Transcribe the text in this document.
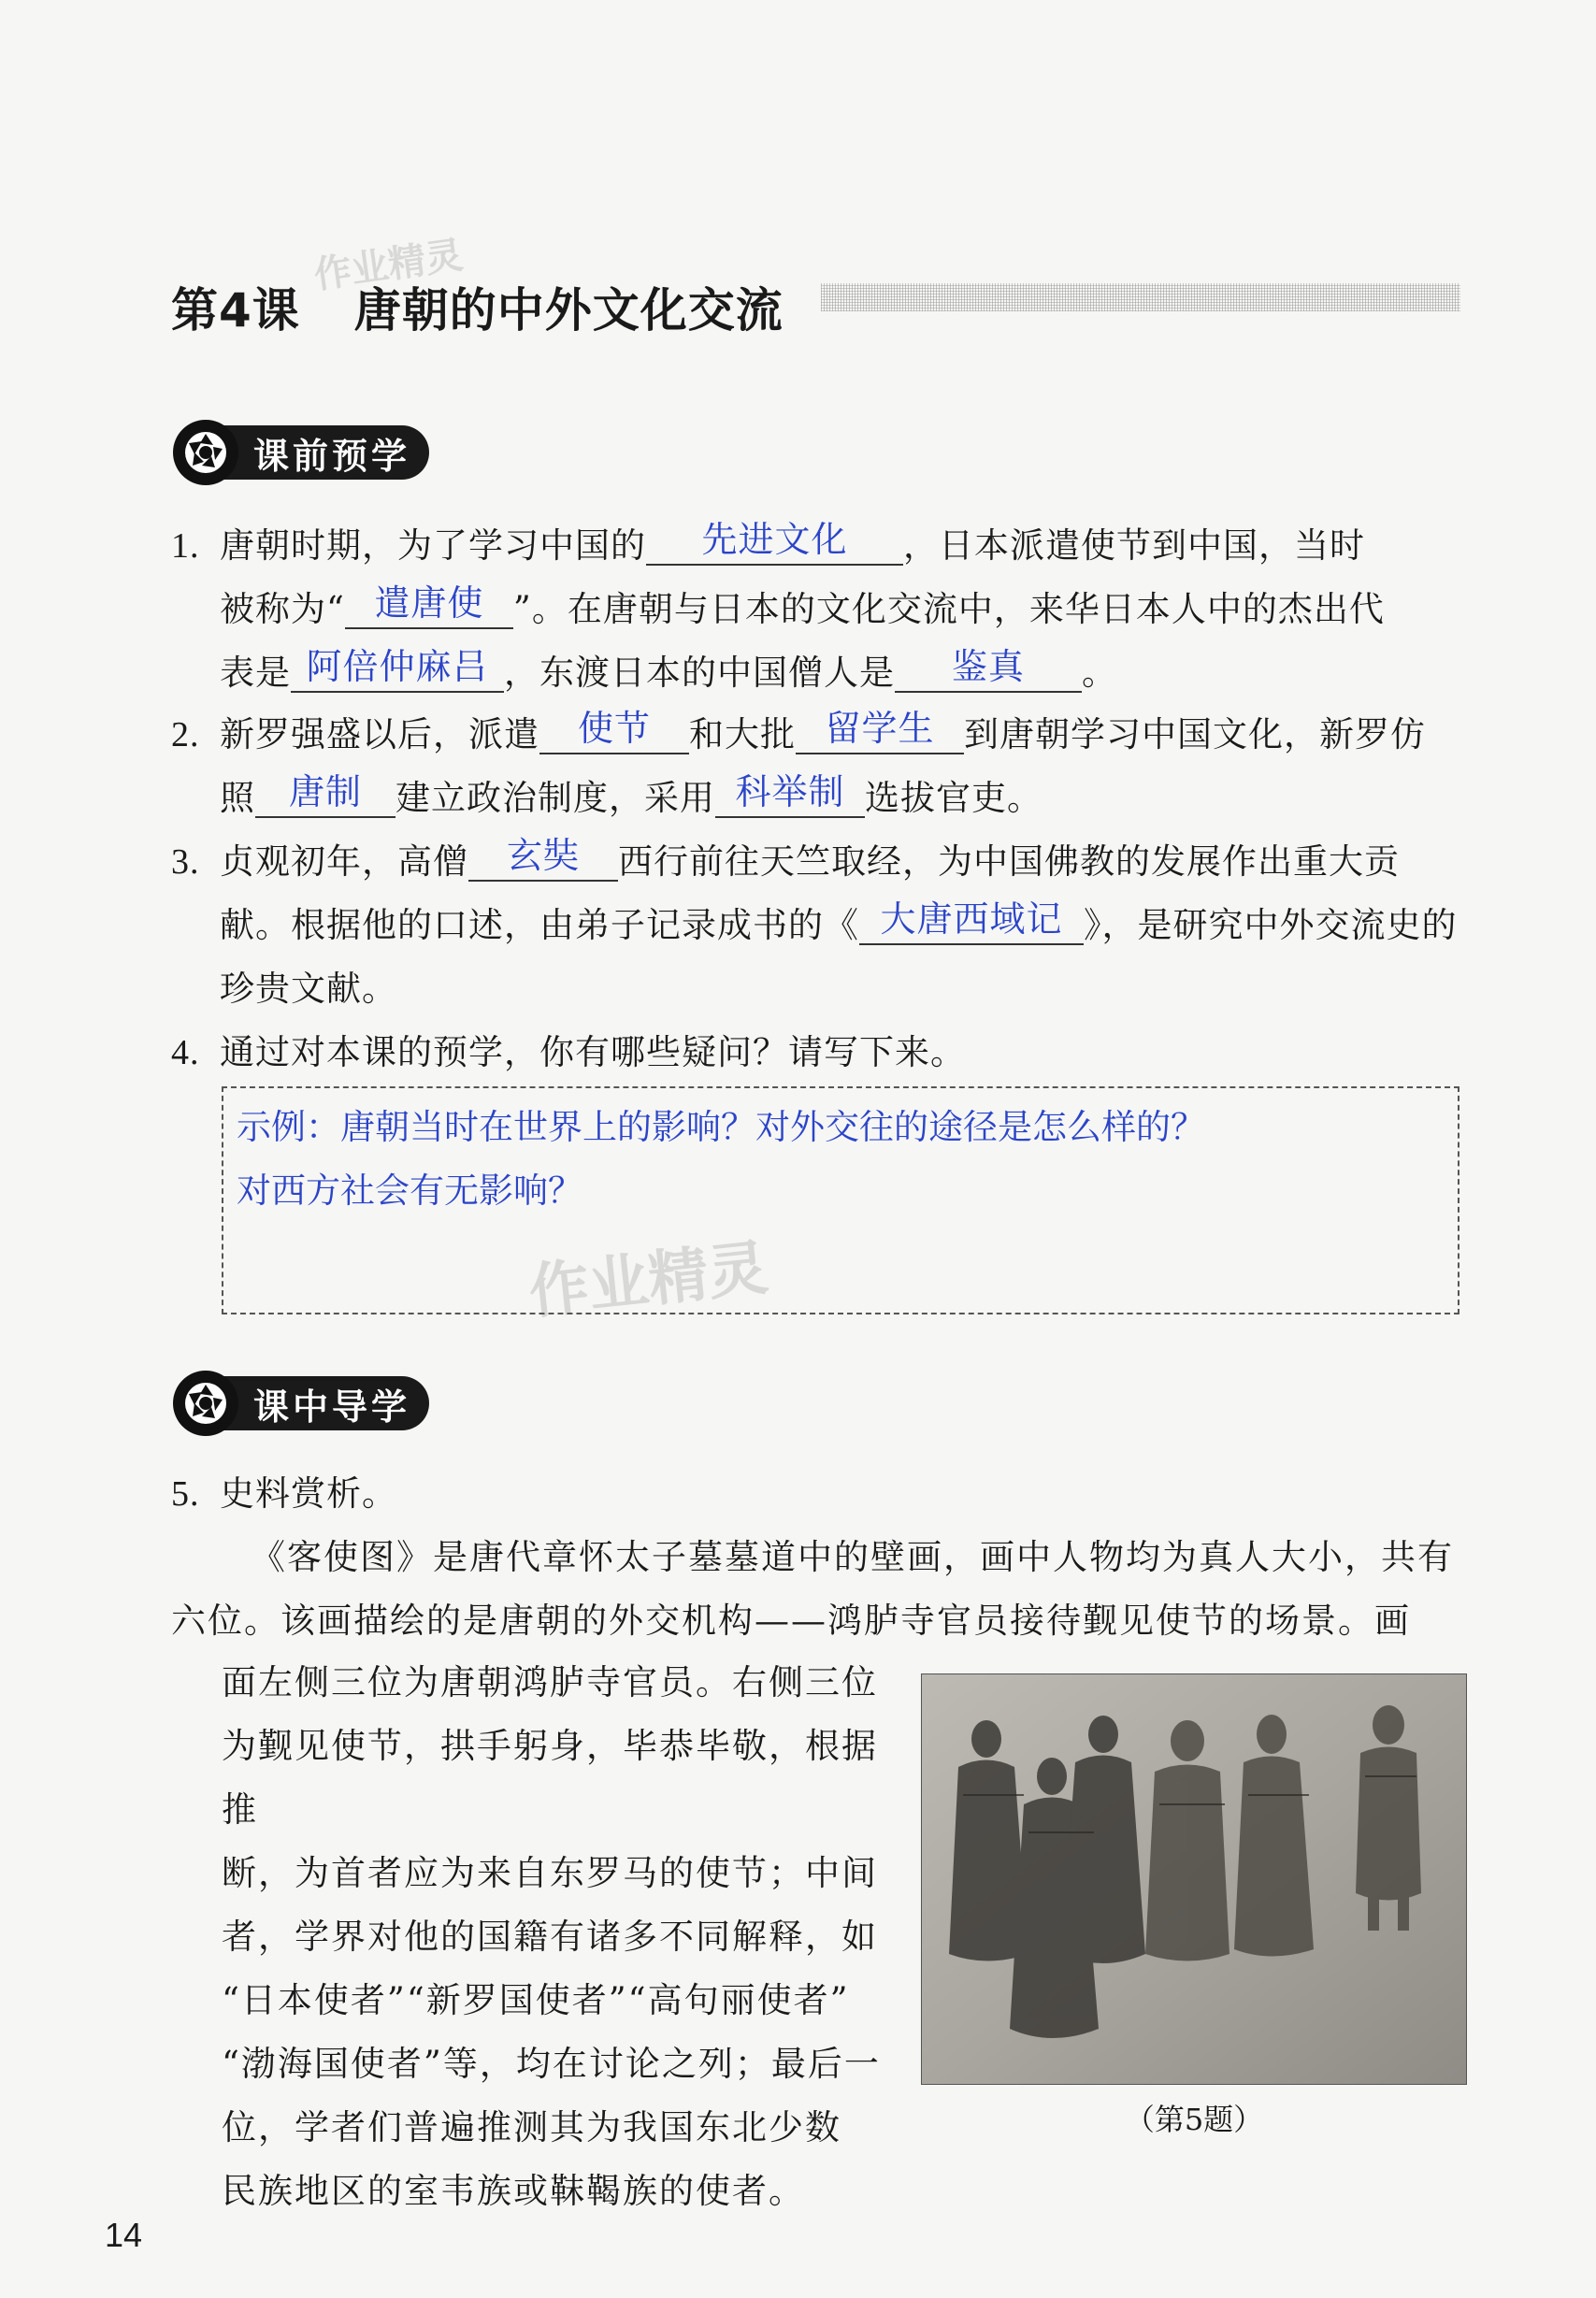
作业精灵
作业精灵
第4课 唐朝的中外文化交流
课前预学
1. 唐朝时期，为了学习中国的 先进文化 ，日本派遣使节到中国，当时
被称为“ 遣唐使 ”。在唐朝与日本的文化交流中，来华日本人中的杰出代
表是 阿倍仲麻吕 ，东渡日本的中国僧人是 鉴真 。
2. 新罗强盛以后，派遣 使节 和大批 留学生 到唐朝学习中国文化，新罗仿
照 唐制 建立政治制度，采用 科举制 选拔官吏。
3. 贞观初年，高僧 玄奘 西行前往天竺取经，为中国佛教的发展作出重大贡
献。根据他的口述，由弟子记录成书的《 大唐西域记 》，是研究中外交流史的
珍贵文献。
4. 通过对本课的预学，你有哪些疑问？请写下来。
示例：唐朝当时在世界上的影响？对外交往的途径是怎么样的？
对西方社会有无影响？
课中导学
5. 史料赏析。

《客使图》是唐代章怀太子墓墓道中的壁画，画中人物均为真人大小，共有六位。该画描绘的是唐朝的外交机构——鸿胪寺官员接待觐见使节的场景。画

面左侧三位为唐朝鸿胪寺官员。右侧三位
为觐见使节，拱手躬身，毕恭毕敬，根据推
断，为首者应为来自东罗马的使节；中间
者，学界对他的国籍有诸多不同解释，如
“日本使者”“新罗国使者”“高句丽使者”
“渤海国使者”等，均在讨论之列；最后一
位，学者们普遍推测其为我国东北少数
民族地区的室韦族或靺鞨族的使者。
（第5题）
14
